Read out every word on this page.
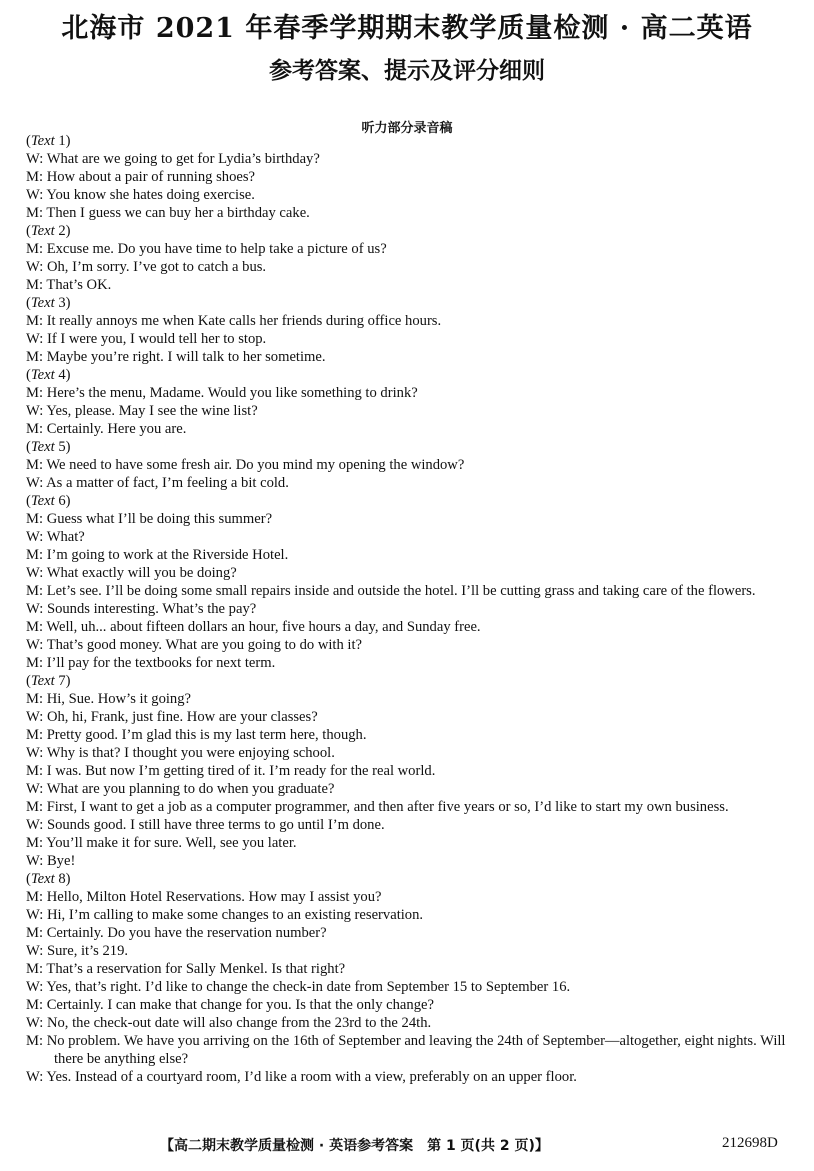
北海市 2021 年春季学期期末教学质量检测 · 高二英语
参考答案、提示及评分细则
听力部分录音稿
(Text 1)
W: What are we going to get for Lydia’s birthday?
M: How about a pair of running shoes?
W: You know she hates doing exercise.
M: Then I guess we can buy her a birthday cake.
(Text 2)
M: Excuse me. Do you have time to help take a picture of us?
W: Oh, I’m sorry. I’ve got to catch a bus.
M: That’s OK.
(Text 3)
M: It really annoys me when Kate calls her friends during office hours.
W: If I were you, I would tell her to stop.
M: Maybe you’re right. I will talk to her sometime.
(Text 4)
M: Here’s the menu, Madame. Would you like something to drink?
W: Yes, please. May I see the wine list?
M: Certainly. Here you are.
(Text 5)
M: We need to have some fresh air. Do you mind my opening the window?
W: As a matter of fact, I’m feeling a bit cold.
(Text 6)
M: Guess what I’ll be doing this summer?
W: What?
M: I’m going to work at the Riverside Hotel.
W: What exactly will you be doing?
M: Let’s see. I’ll be doing some small repairs inside and outside the hotel. I’ll be cutting grass and taking care of the flowers.
W: Sounds interesting. What’s the pay?
M: Well, uh... about fifteen dollars an hour, five hours a day, and Sunday free.
W: That’s good money. What are you going to do with it?
M: I’ll pay for the textbooks for next term.
(Text 7)
M: Hi, Sue. How’s it going?
W: Oh, hi, Frank, just fine. How are your classes?
M: Pretty good. I’m glad this is my last term here, though.
W: Why is that? I thought you were enjoying school.
M: I was. But now I’m getting tired of it. I’m ready for the real world.
W: What are you planning to do when you graduate?
M: First, I want to get a job as a computer programmer, and then after five years or so, I’d like to start my own business.
W: Sounds good. I still have three terms to go until I’m done.
M: You’ll make it for sure. Well, see you later.
W: Bye!
(Text 8)
M: Hello, Milton Hotel Reservations. How may I assist you?
W: Hi, I’m calling to make some changes to an existing reservation.
M: Certainly. Do you have the reservation number?
W: Sure, it’s 219.
M: That’s a reservation for Sally Menkel. Is that right?
W: Yes, that’s right. I’d like to change the check-in date from September 15 to September 16.
M: Certainly. I can make that change for you. Is that the only change?
W: No, the check-out date will also change from the 23rd to the 24th.
M: No problem. We have you arriving on the 16th of September and leaving the 24th of September—altogether, eight nights. Will there be anything else?
W: Yes. Instead of a courtyard room, I’d like a room with a view, preferably on an upper floor.
【高二期末教学质量检测 · 英语参考答案　第 1 页(共 2 页)】	212698D
